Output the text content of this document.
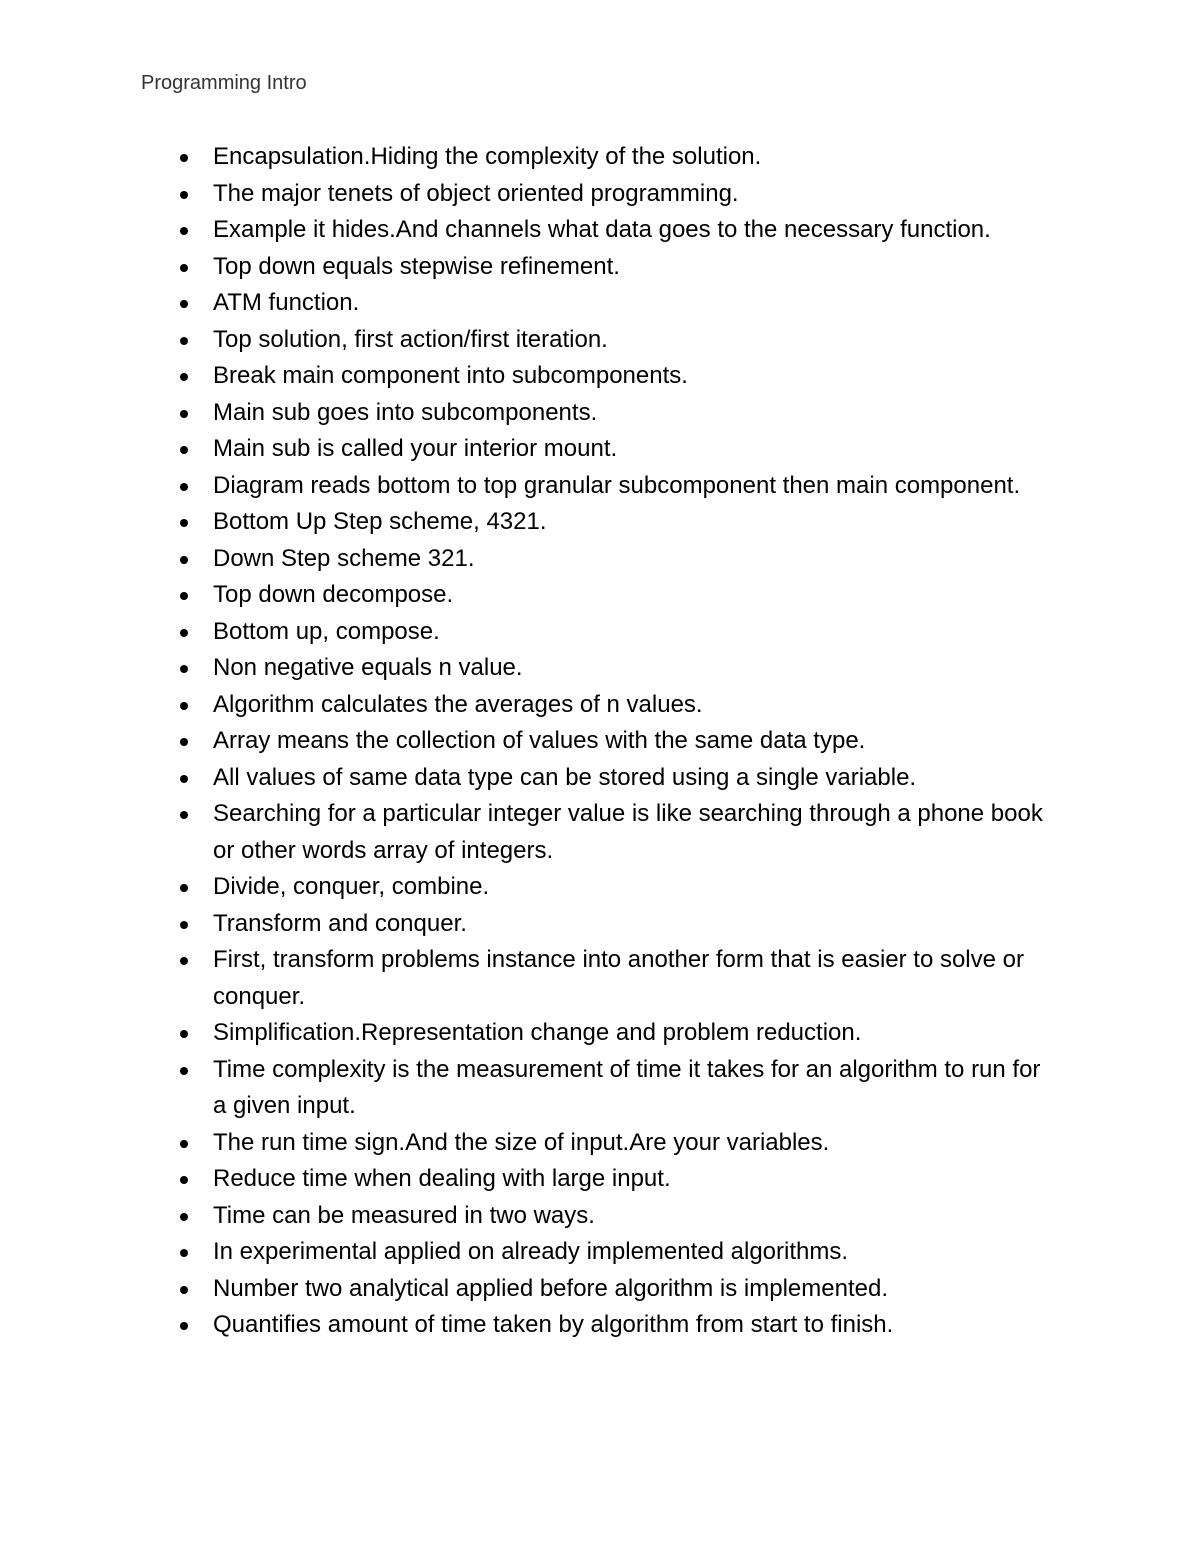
Programming Intro
Encapsulation.Hiding the complexity of the solution.
The major tenets of object oriented programming.
Example it hides.And channels what data goes to the necessary function.
Top down equals stepwise refinement.
ATM function.
Top solution, first action/first iteration.
Break main component into subcomponents.
Main sub goes into subcomponents.
Main sub is called your interior mount.
Diagram reads bottom to top granular subcomponent then main component.
Bottom Up Step scheme, 4321.
Down Step scheme 321.
Top down decompose.
Bottom up, compose.
Non negative equals n value.
Algorithm calculates the averages of n values.
Array means the collection of values with the same data type.
All values of same data type can be stored using a single variable.
Searching for a particular integer value is like searching through a phone book or other words array of integers.
Divide, conquer, combine.
Transform and conquer.
First, transform problems instance into another form that is easier to solve or conquer.
Simplification.Representation change and problem reduction.
Time complexity is the measurement of time it takes for an algorithm to run for a given input.
The run time sign.And the size of input.Are your variables.
Reduce time when dealing with large input.
Time can be measured in two ways.
In experimental applied on already implemented algorithms.
Number two analytical applied before algorithm is implemented.
Quantifies amount of time taken by algorithm from start to finish.
